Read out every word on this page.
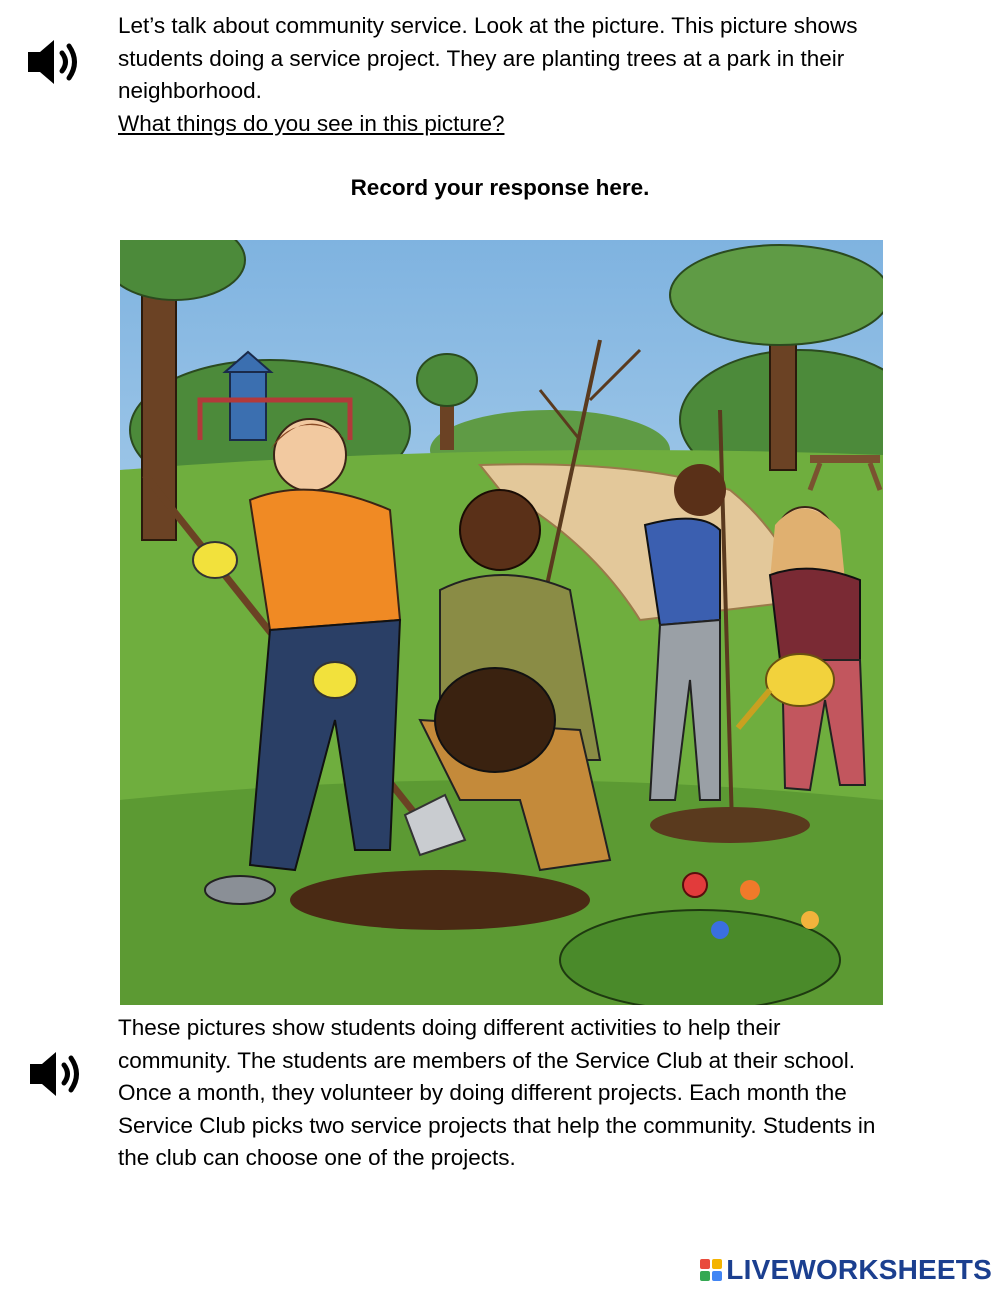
Let’s talk about community service. Look at the picture. This picture shows students doing a service project. They are planting trees at a park in their neighborhood.

What things do you see in this picture?
Record your response here.

These pictures show students doing different activities to help their community. The students are members of the Service Club at their school. Once a month, they volunteer by doing different projects. Each month the Service Club picks two service projects that help the community. Students in the club can choose one of the projects.

LIVEWORKSHEETS
